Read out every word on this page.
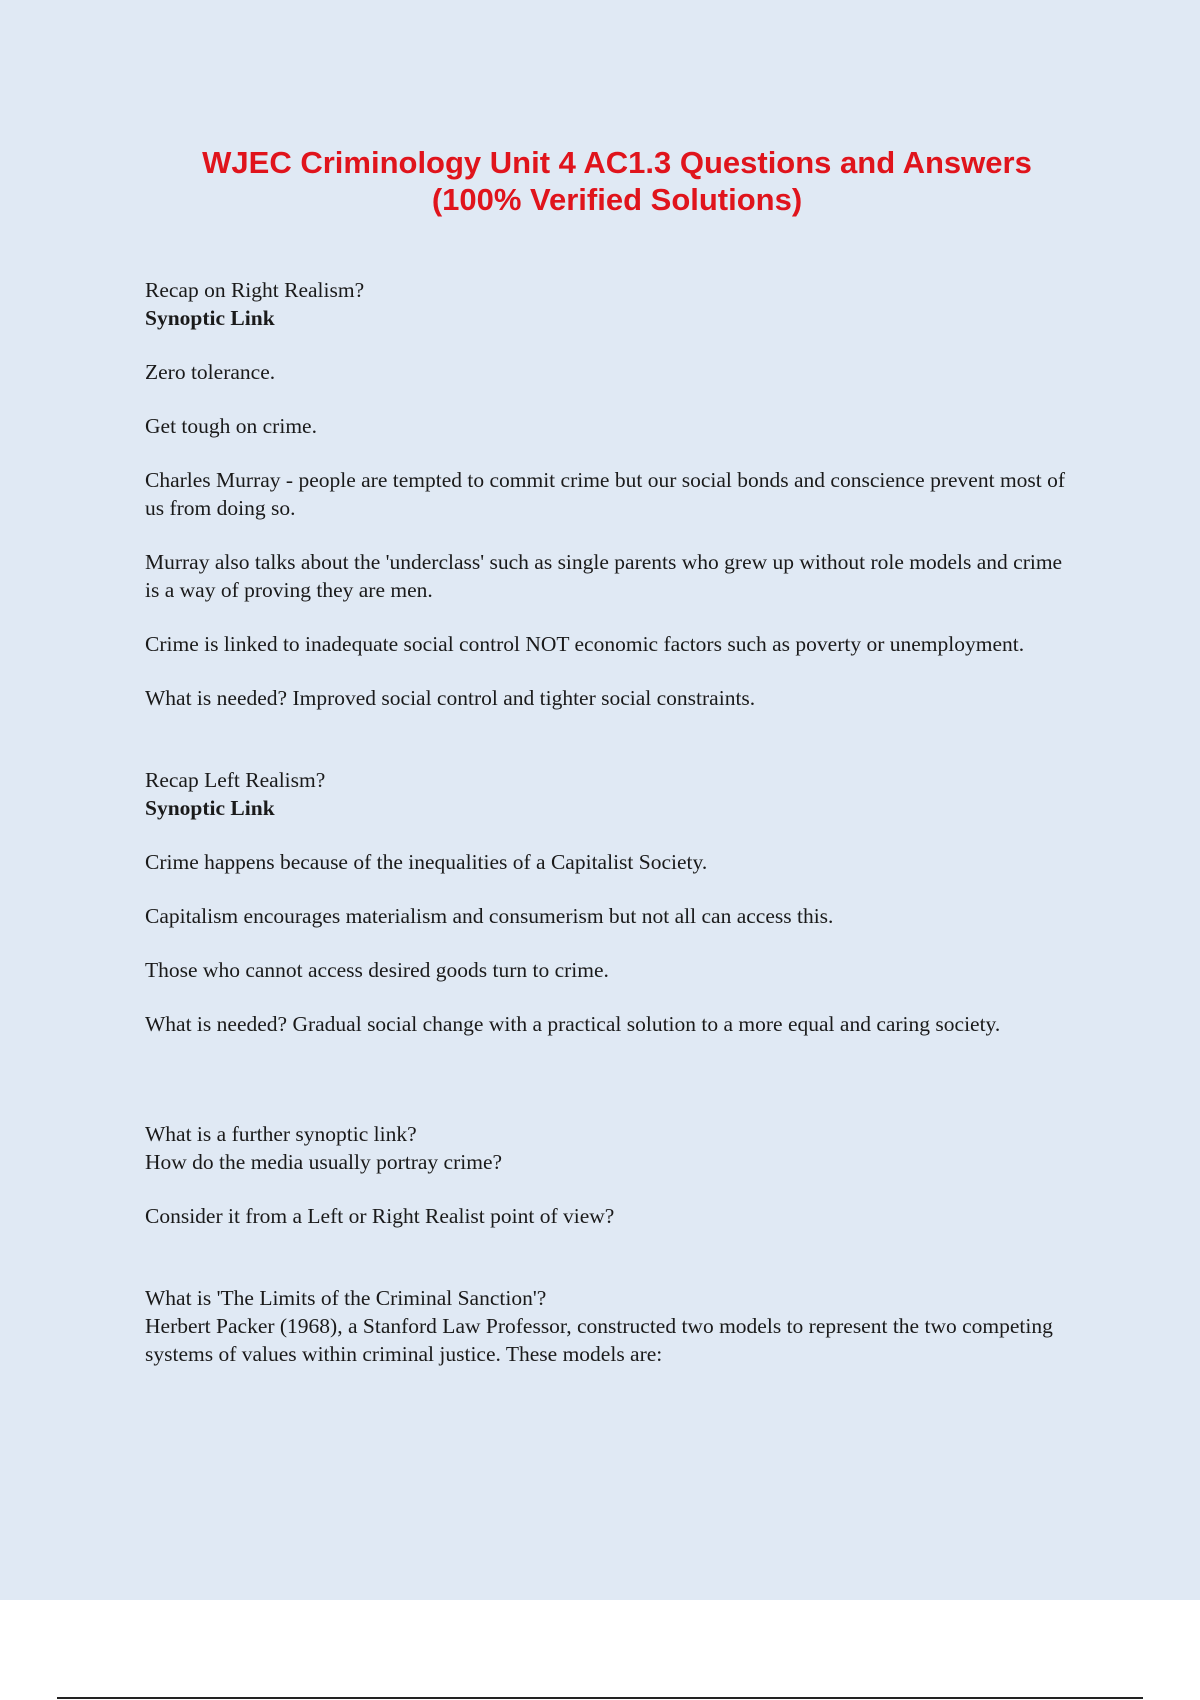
WJEC Criminology Unit 4 AC1.3 Questions and Answers
(100% Verified Solutions)

Recap on Right Realism?

Synoptic Link

Zero tolerance.

Get tough on crime.

Charles Murray - people are tempted to commit crime but our social bonds and conscience prevent most of us from doing so.

Murray also talks about the 'underclass' such as single parents who grew up without role models and crime is a way of proving they are men.

Crime is linked to inadequate social control NOT economic factors such as poverty or unemployment.

What is needed? Improved social control and tighter social constraints.

Recap Left Realism?

Synoptic Link

Crime happens because of the inequalities of a Capitalist Society.

Capitalism encourages materialism and consumerism but not all can access this.

Those who cannot access desired goods turn to crime.

What is needed? Gradual social change with a practical solution to a more equal and caring society.

What is a further synoptic link?

How do the media usually portray crime?

Consider it from a Left or Right Realist point of view?

What is 'The Limits of the Criminal Sanction'?

Herbert Packer (1968), a Stanford Law Professor, constructed two models to represent the two competing systems of values within criminal justice. These models are:
